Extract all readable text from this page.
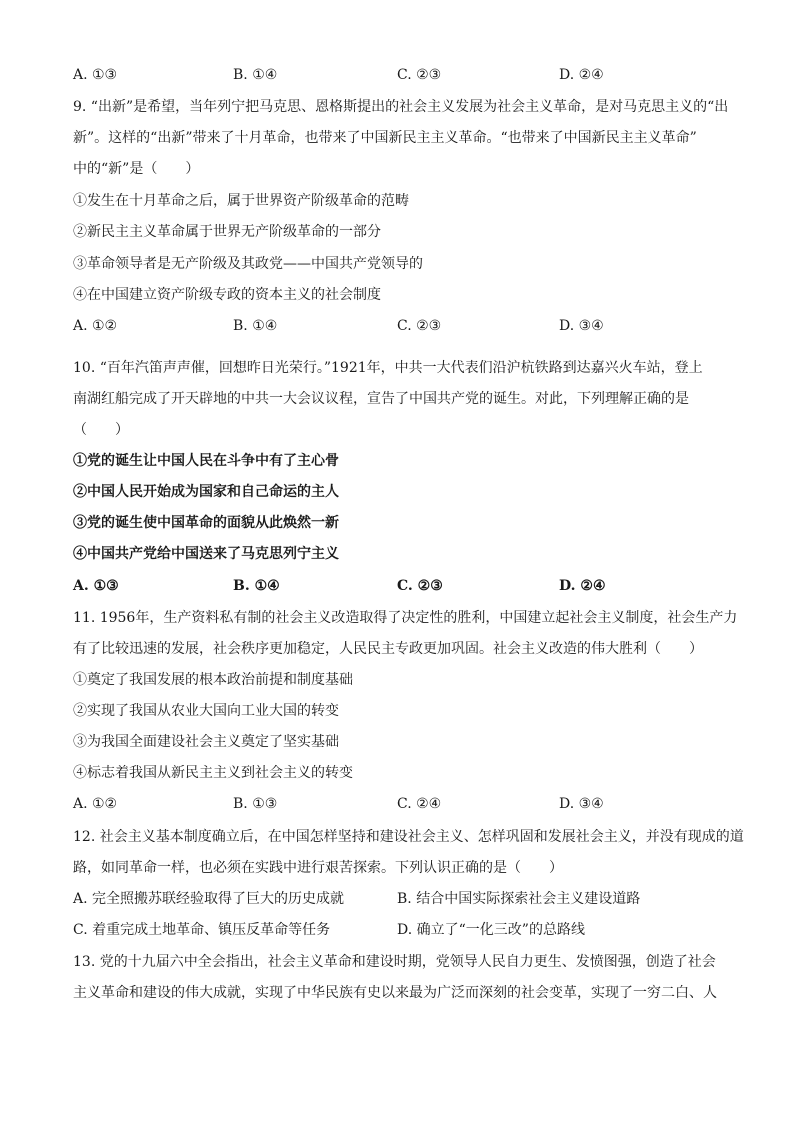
A. ①③	B. ①④	C. ②③	D. ②④
9. “出新”是希望，当年列宁把马克思、恩格斯提出的社会主义发展为社会主义革命，是对马克思主义的“出
新”。这样的“出新”带来了十月革命，也带来了中国新民主主义革命。“也带来了中国新民主主义革命”
中的“新”是（　　）
①发生在十月革命之后，属于世界资产阶级革命的范畴
②新民主主义革命属于世界无产阶级革命的一部分
③革命领导者是无产阶级及其政党——中国共产党领导的
④在中国建立资产阶级专政的资本主义的社会制度
A. ①②	B. ①④	C. ②③	D. ③④
10. “百年汽笛声声催，回想昨日光荣行。”1921年，中共一大代表们沿沪杭铁路到达嘉兴火车站，登上
南湖红船完成了开天辟地的中共一大会议议程，宣告了中国共产党的诞生。对此，下列理解正确的是
（　　）
①党的诞生让中国人民在斗争中有了主心骨
②中国人民开始成为国家和自己命运的主人
③党的诞生使中国革命的面貌从此焕然一新
④中国共产党给中国送来了马克思列宁主义
A. ①③	B. ①④	C. ②③	D. ②④
11. 1956年，生产资料私有制的社会主义改造取得了决定性的胜利，中国建立起社会主义制度，社会生产力
有了比较迅速的发展，社会秩序更加稳定，人民民主专政更加巩固。社会主义改造的伟大胜利（　　）
①奠定了我国发展的根本政治前提和制度基础
②实现了我国从农业大国向工业大国的转变
③为我国全面建设社会主义奠定了坚实基础
④标志着我国从新民主主义到社会主义的转变
A. ①②	B. ①③	C. ②④	D. ③④
12. 社会主义基本制度确立后，在中国怎样坚持和建设社会主义、怎样巩固和发展社会主义，并没有现成的道
路，如同革命一样，也必须在实践中进行艰苦探索。下列认识正确的是（　　）
A. 完全照搬苏联经验取得了巨大的历史成就	B. 结合中国实际探索社会主义建设道路
C. 着重完成土地革命、镇压反革命等任务	D. 确立了“一化三改”的总路线
13. 党的十九届六中全会指出，社会主义革命和建设时期，党领导人民自力更生、发愤图强，创造了社会
主义革命和建设的伟大成就，实现了中华民族有史以来最为广泛而深刻的社会变革，实现了一穷二白、人
